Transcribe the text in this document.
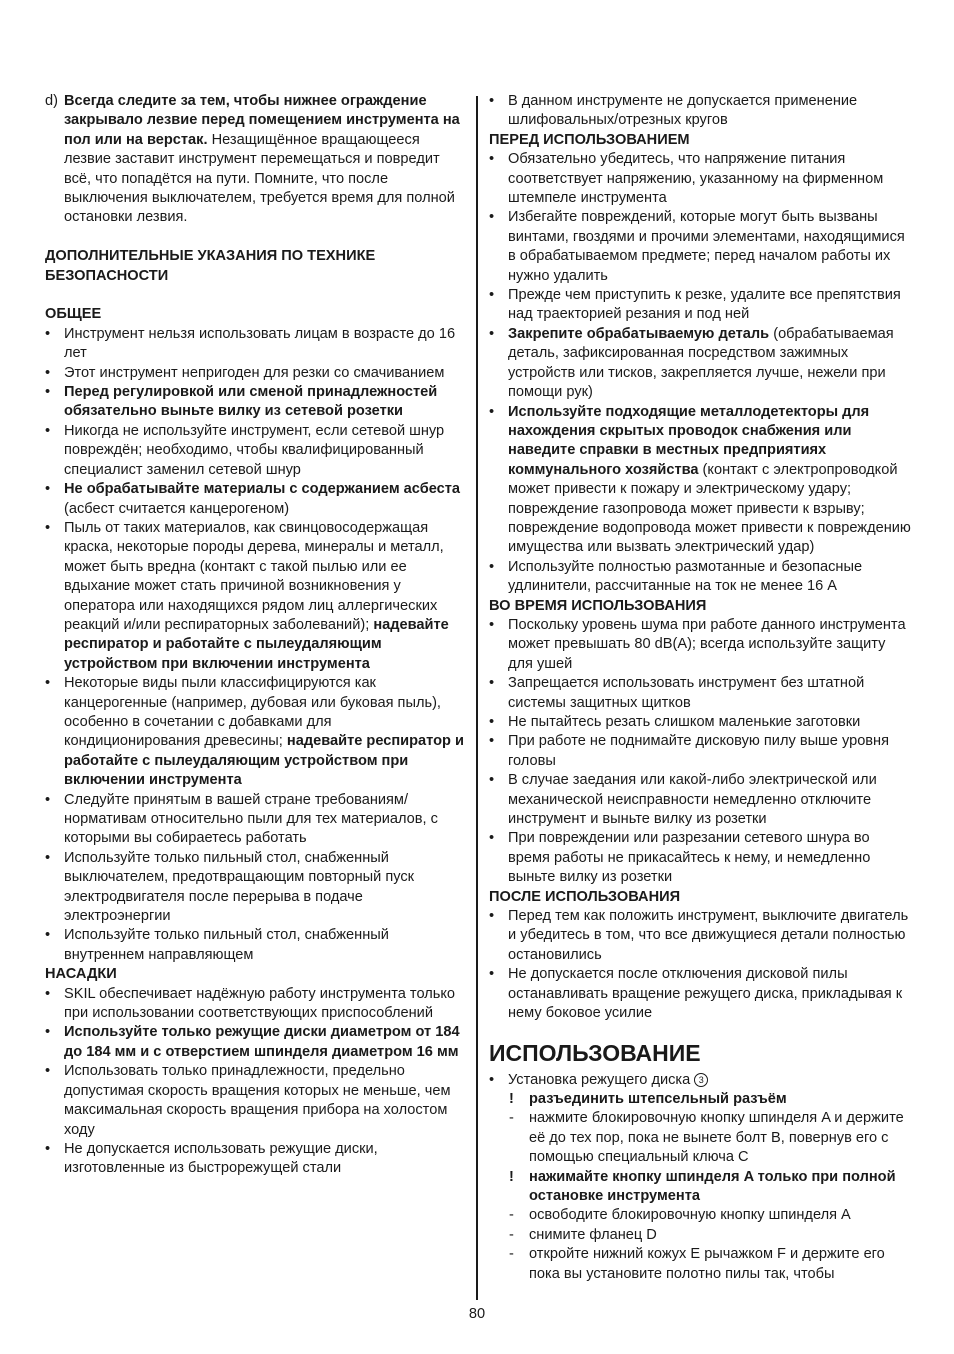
d) Всегда следите за тем, чтобы нижнее ограждение закрывало лезвие перед помещением инструмента на пол или на верстак. Незащищённое вращающееся лезвие заставит инструмент перемещаться и повредит всё, что попадётся на пути. Помните, что после выключения выключателем, требуется время для полной остановки лезвия.

ДОПОЛНИТЕЛЬНЫЕ УКАЗАНИЯ ПО ТЕХНИКЕ БЕЗОПАСНОСТИ

ОБЩЕЕ

• Инструмент нельзя использовать лицам в возрасте до 16 лет

• Этот инструмент непригоден для резки со смачиванием

• Перед регулировкой или сменой принадлежностей обязательно выньте вилку из сетевой розетки

• Никогда не используйте инструмент, если сетевой шнур повреждён; необходимо, чтобы квалифицированный специалист заменил сетевой шнур

• Не обрабатывайте материалы с содержанием асбеста (асбест считается канцерогеном)

• Пыль от таких материалов, как свинцовосодержащая краска, некоторые породы дерева, минералы и металл, может быть вредна (контакт с такой пылью или ее вдыхание может стать причиной возникновения у оператора или находящихся рядом лиц аллергических реакций и/или респираторных заболеваний); надевайте респиратор и работайте с пылеудаляющим устройством при включении инструмента

• Некоторые виды пыли классифицируются как канцерогенные (например, дубовая или буковая пыль), особенно в сочетании с добавками для кондиционирования древесины; надевайте респиратор и работайте с пылеудаляющим устройством при включении инструмента

• Следуйте принятым в вашей стране требованиям/ нормативам относительно пыли для тех материалов, с которыми вы собираетесь работать

• Используйте только пильный стол, снабженный выключателем, предотвращающим повторный пуск электродвигателя после перерыва в подаче электроэнергии

• Используйте только пильный стол, снабженный внутреннем направляющем

НАСАДКИ

• SKIL обеспечивает надёжную работу инструмента только при использовании соответствующих приспособлений

• Используйте только режущие диски диаметром от 184 до 184 мм и с отверстием шпинделя диаметром 16 мм

• Использовать только принадлежности, предельно допустимая скорость вращения которых не меньше, чем максимальная скорость вращения прибора на холостом ходу

• Не допускается использовать режущие диски, изготовленные из быстрорежущей стали

• В данном инструменте не допускается применение шлифовальных/отрезных кругов

ПЕРЕД ИСПОЛЬЗОВАНИЕМ

• Обязательно убедитесь, что напряжение питания соответствует напряжению, указанному на фирменном штемпеле инструмента

• Избегайте повреждений, которые могут быть вызваны винтами, гвоздями и прочими элементами, находящимися в обрабатываемом предмете; перед началом работы их нужно удалить

• Прежде чем приступить к резке, удалите все препятствия над траекторией резания и под ней

• Закрепите обрабатываемую деталь (обрабатываемая деталь, зафиксированная посредством зажимных устройств или тисков, закрепляется лучше, нежели при помощи рук)

• Используйте подходящие металлодетекторы для нахождения скрытых проводок снабжения или наведите справки в местных предприятиях коммунального хозяйства (контакт с электропроводкой может привести к пожару и электрическому удару; повреждение газопровода может привести к взрыву; повреждение водопровода может привести к повреждению имущества или вызвать электрический удар)

• Используйте полностью размотанные и безопасные удлинители, рассчитанные на ток не менее 16 А

ВО ВРЕМЯ ИСПОЛЬЗОВАНИЯ

• Поскольку уровень шума при работе данного инструмента может превышать 80 dB(A); всегда используйте защиту для ушей

• Запрещается использовать инструмент без штатной системы защитных щитков

• Не пытайтесь резать слишком маленькие заготовки

• При работе не поднимайте дисковую пилу выше уровня головы

• В случае заедания или какой-либо электрической или механической неисправности немедленно отключите инструмент и выньте вилку из розетки

• При повреждении или разрезании сетевого шнура во время работы не прикасайтесь к нему, и немедленно выньте вилку из розетки

ПОСЛЕ ИСПОЛЬЗОВАНИЯ

• Перед тем как положить инструмент, выключите двигатель и убедитесь в том, что все движущиеся детали полностью остановились

• Не допускается после отключения дисковой пилы останавливать вращение режущего диска, прикладывая к нему боковое усилие

ИСПОЛЬЗОВАНИЕ

• Установка режущего диска 3

! разъединить штепсельный разъём

- нажмите блокировочную кнопку шпинделя A и держите её до тех пор, пока не вынете болт B, повернув его с помощью специальный ключа C

! нажимайте кнопку шпинделя A только при полной остановке инструмента

- освободите блокировочную кнопку шпинделя A

- снимите фланец D

- откройте нижний кожух E рычажком F и держите его пока вы установите полотно пилы так, чтобы

80
